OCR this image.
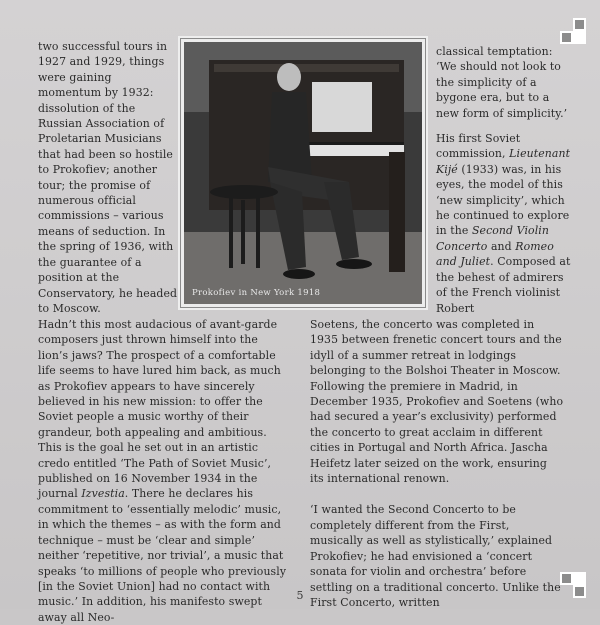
two successful tours in 1927 and 1929, things were gaining momentum by 1932: dissolution of the Russian Association of Proletarian Musicians that had been so hostile to Prokofiev; another tour; the promise of numerous official commissions – various means of seduction. In the spring of 1936, with the guarantee of a position at the Conservatory, he headed to Moscow.

Prokofiev in New York 1918

classical temptation: ‘We should not look to the simplicity of a bygone era, but to a new form of simplicity.’

His first Soviet commission, Lieutenant Kijé (1933) was, in his eyes, the model of this ‘new simplicity’, which he continued to explore in the Second Violin Concerto and Romeo and Juliet. Composed at the behest of admirers of the French violinist Robert

Hadn’t this most audacious of avant-garde composers just thrown himself into the lion’s jaws? The prospect of a comfortable life seems to have lured him back, as much as Prokofiev appears to have sincerely believed in his new mission: to offer the Soviet people a music worthy of their grandeur, both appealing and ambitious. This is the goal he set out in an artistic credo entitled ‘The Path of Soviet Music’, published on 16 November 1934 in the journal Izvestia. There he declares his commitment to ‘essentially melodic’ music, in which the themes – as with the form and technique – must be ‘clear and simple’ neither ‘repetitive, nor trivial’, a music that speaks ‘to millions of people who previously [in the Soviet Union] had no contact with music.’ In addition, his manifesto swept away all Neo-

Soetens, the concerto was completed in 1935 between frenetic concert tours and the idyll of a summer retreat in lodgings belonging to the Bolshoi Theater in Moscow. Following the premiere in Madrid, in December 1935, Prokofiev and Soetens (who had secured a year’s exclusivity) performed the concerto to great acclaim in different cities in Portugal and North Africa. Jascha Heifetz later seized on the work, ensuring its international renown.

‘I wanted the Second Concerto to be completely different from the First, musically as well as stylistically,’ explained Prokofiev; he had envisioned a ‘concert sonata for violin and orchestra’ before settling on a traditional concerto. Unlike the First Concerto, written

5
